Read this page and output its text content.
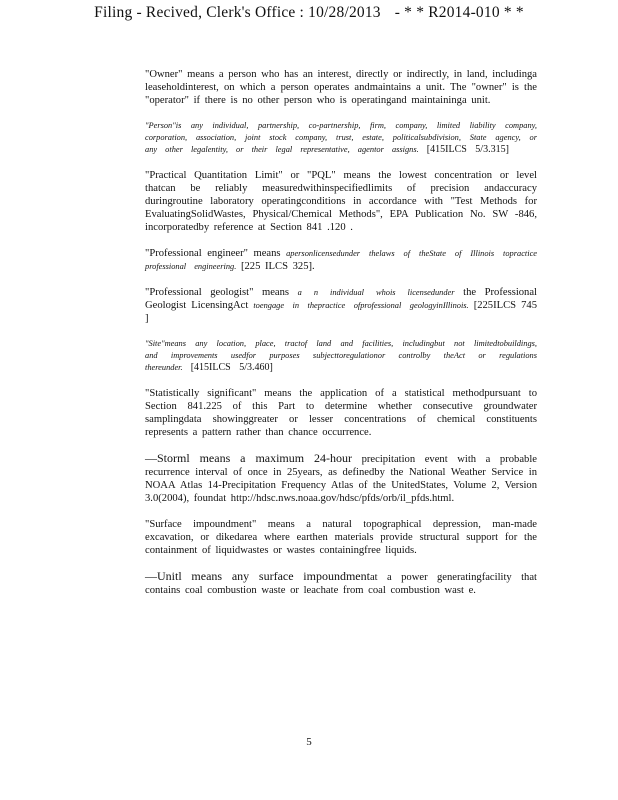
Filing - Recived, Clerk's Office : 10/28/2013 - * * R2014-010 * *

"Owner" means a person who has an interest, directly or indirectly, in land, includinga leaseholdinterest, on which a person operates andmaintains a unit. The "owner" is the "operator" if there is no other person who is operatingand maintaininga unit.

"Person"is any individual, partnership, co-partnership, firm, company, limited liability company, corporation, association, joint stock company, trust, estate, politicalsubdivision, State agency, or any other legalentity, or their legal representative, agentor assigns. [415ILCS 5/3.315]

"Practical Quantitation Limit" or "PQL" means the lowest concentration or level thatcan be reliably measuredwithinspecifiedlimits of precision andaccuracy duringroutine laboratory operatingconditions in accordance with "Test Methods for EvaluatingSolidWastes, Physical/Chemical Methods", EPA Publication No. SW -846, incorporatedby reference at Section 841 .120 .

"Professional engineer" means apersonlicensedunder thelaws of theState of Illinois topractice professional engineering. [225 ILCS 325].

"Professional geologist" means a n individual whois licensedunder the Professional Geologist LicensingAct toengage in thepractice ofprofessional geologyinIllinois. [225ILCS 745 ]

"Site"means any location, place, tractof land and facilities, includingbut not limitedtobuildings, and improvements usedfor purposes subjecttoregulationor controlby theAct or regulations thereunder. [415ILCS 5/3.460]

"Statistically significant" means the application of a statistical methodpursuant to Section 841.225 of this Part to determine whether consecutive groundwater samplingdata showinggreater or lesser concentrations of chemical constituents represents a pattern rather than chance occurrence.

—Storml means a maximum 24-hour precipitation event with a probable recurrence interval of once in 25years, as definedby the National Weather Service in NOAA Atlas 14-Precipitation Frequency Atlas of the UnitedStates, Volume 2, Version 3.0(2004), foundat http://hdsc.nws.noaa.gov/hdsc/pfds/orb/il_pfds.html.

"Surface impoundment" means a natural topographical depression, man-made excavation, or dikedarea where earthen materials provide structural support for the containment of liquidwastes or wastes containingfree liquids.

—Unitl means any surface impoundmentat a power generatingfacility that contains coal combustion waste or leachate from coal combustion wast e.

5
